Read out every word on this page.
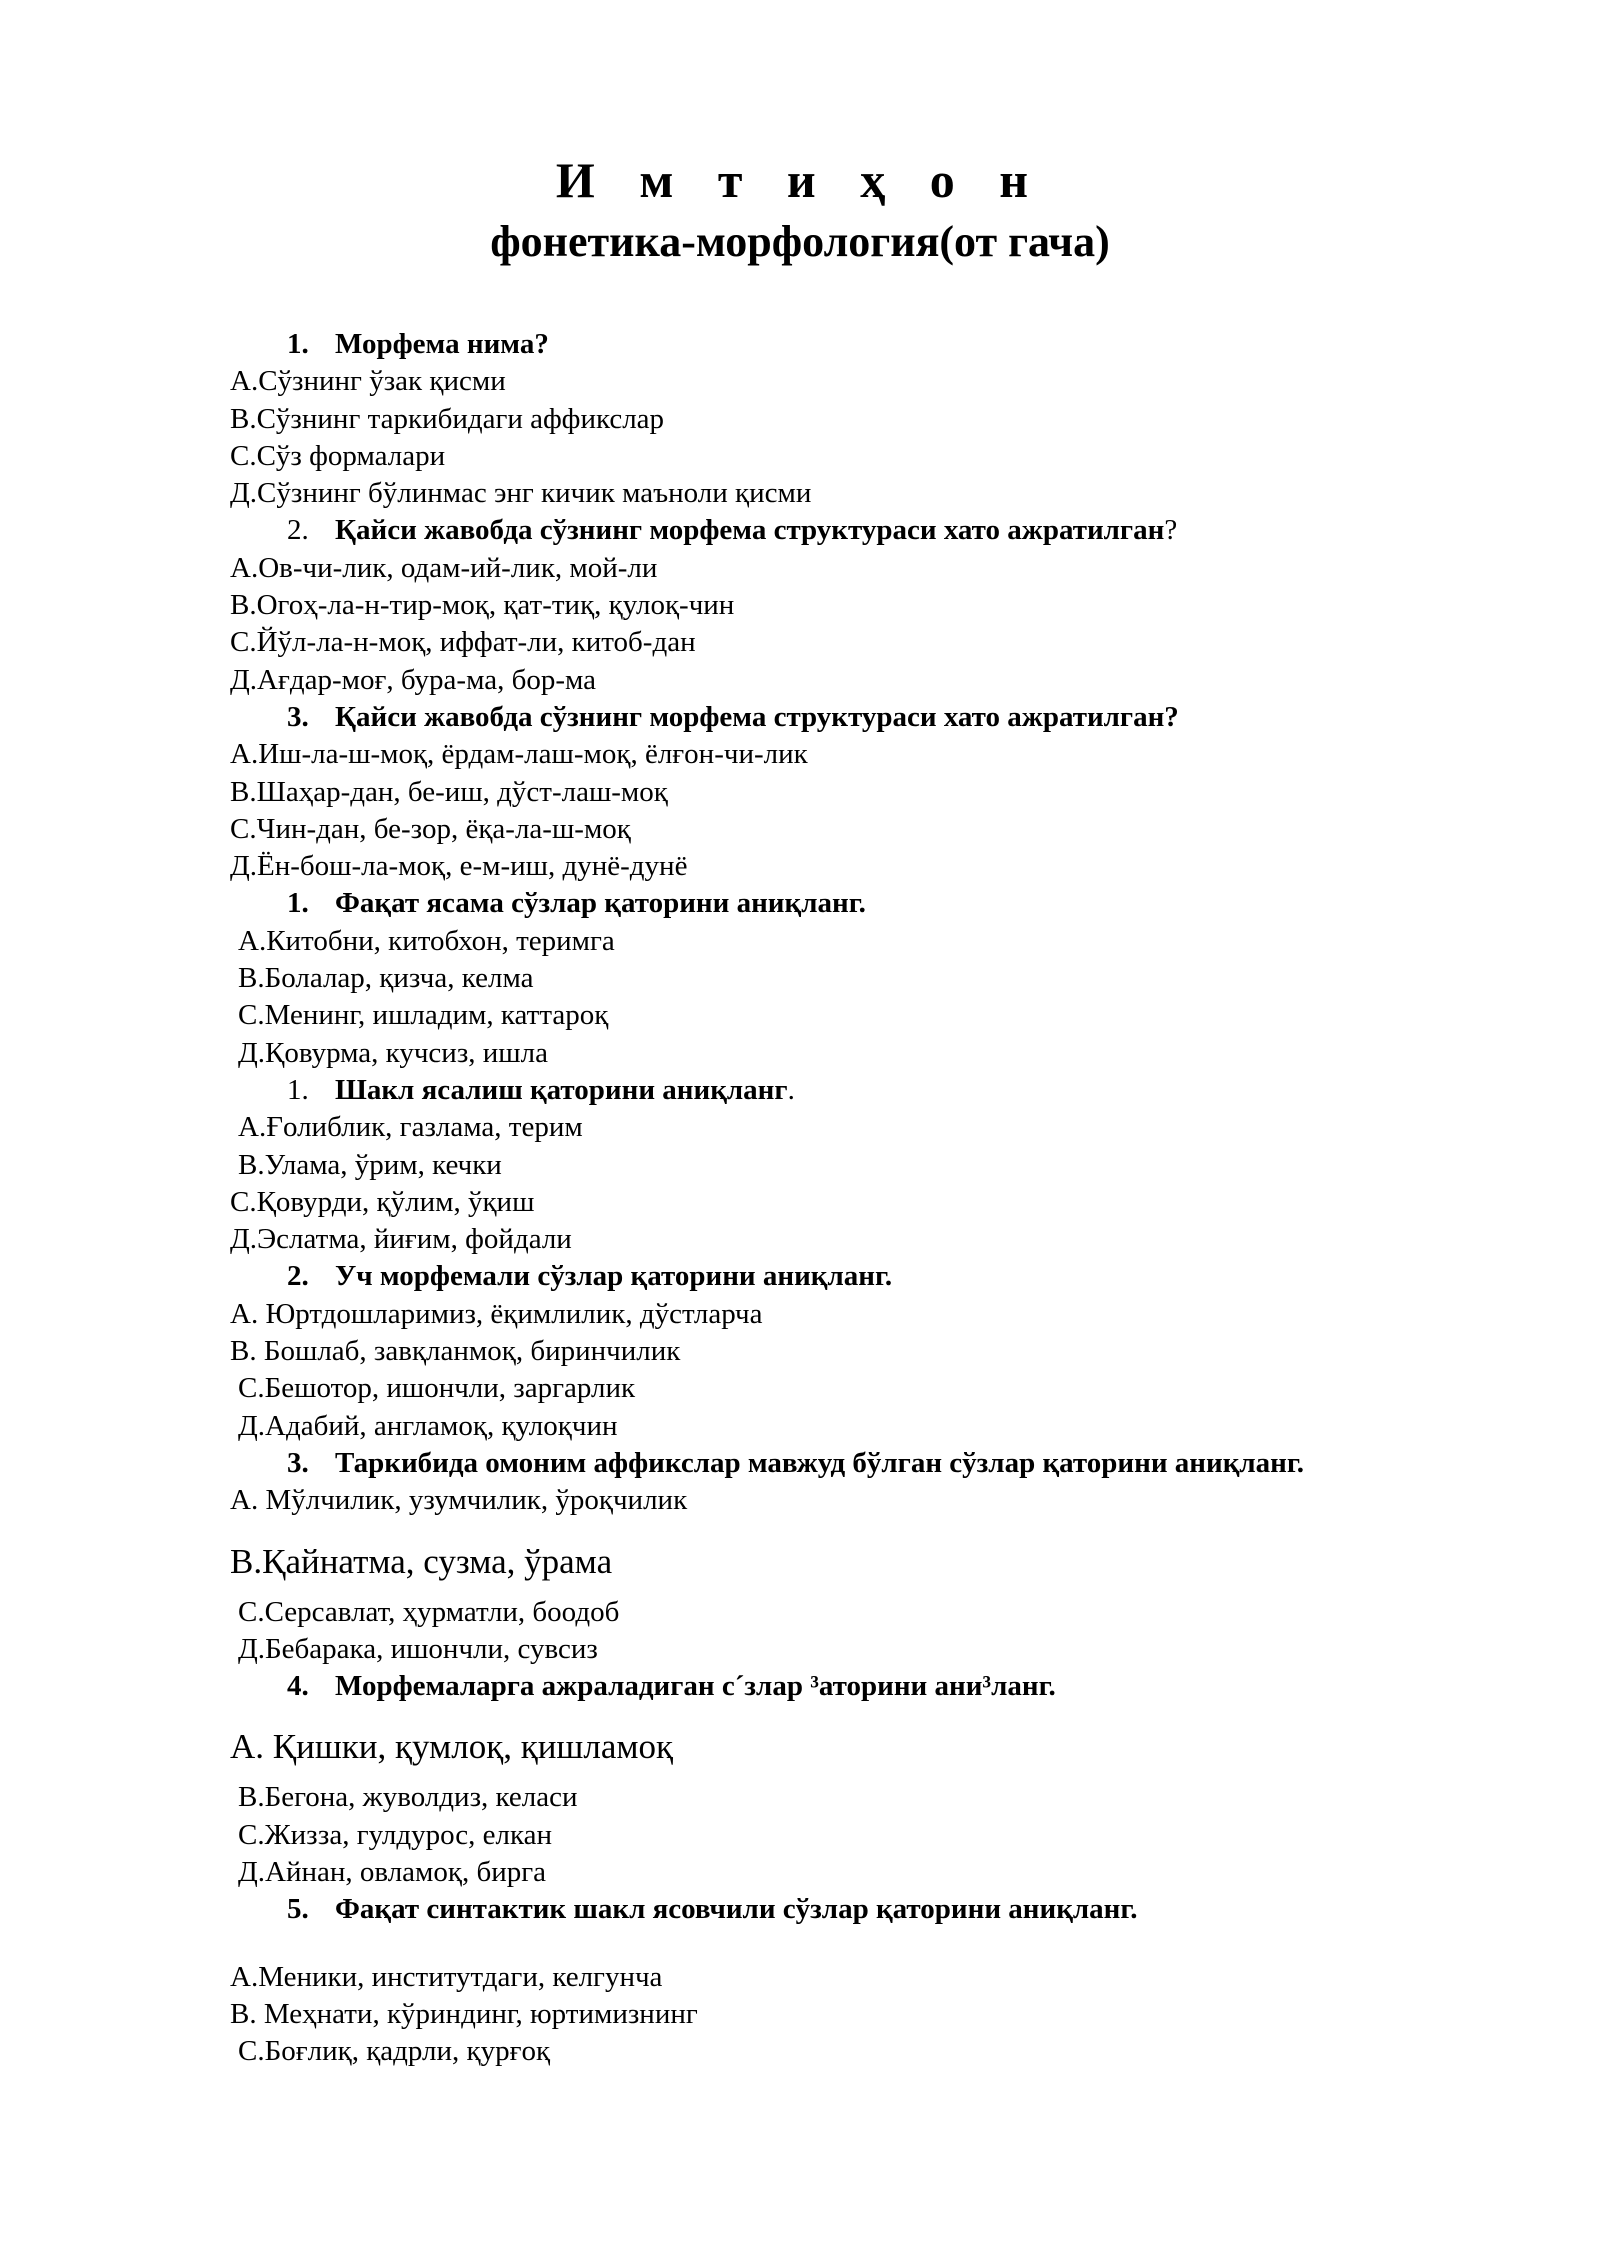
И м т и ҳ о н
фонетика-морфология(от гача)
1. Морфема нима?
А.Сўзнинг ўзак қисми
В.Сўзнинг таркибидаги аффикслар
С.Сўз формалари
Д.Сўзнинг бўлинмас энг кичик маъноли қисми
2. Қайси жавобда сўзнинг морфема структураси хато ажратилган?
А.Ов-чи-лик, одам-ий-лик, мой-ли
В.Огоҳ-ла-н-тир-моқ, қат-тиқ, қулоқ-чин
С.Йўл-ла-н-моқ, иффат-ли, китоб-дан
Д.Ағдар-моғ, бура-ма, бор-ма
3. Қайси жавобда сўзнинг морфема структураси хато ажратилган?
А.Иш-ла-ш-моқ, ёрдам-лаш-моқ, ёлғон-чи-лик
В.Шаҳар-дан, бе-иш, дўст-лаш-моқ
С.Чин-дан, бе-зор, ёқа-ла-ш-моқ
Д.Ён-бош-ла-моқ, е-м-иш, дунё-дунё
1. Фақат ясама сўзлар қаторини аниқланг.
А.Китобни, китобхон, теримга
В.Болалар, қизча, келма
С.Менинг, ишладим, каттароқ
Д.Қовурма, кучсиз, ишла
1. Шакл ясалиш қаторини аниқланг.
А.Ғолиблик, газлама, терим
В.Улама, ўрим, кечки
С.Қовурди, қўлим, ўқиш
Д.Эслатма, йиғим, фойдали
2. Уч морфемали сўзлар қаторини аниқланг.
А. Юртдошларимиз, ёқимлилик, дўстларча
В. Бошлаб, завқланмоқ, биринчилик
С.Бешотор, ишончли, заргарлик
Д.Адабий, англамоқ, қулоқчин
3. Таркибида омоним аффикслар мавжуд бўлган сўзлар қаторини аниқланг.
А. Мўлчилик, узумчилик, ўроқчилик
В.Қайнатма, сузма, ўрама
С.Серсавлат, ҳурматли, боодоб
Д.Бебарака, ишончли, сувсиз
4. Морфемаларга ажраладиган с´злар ³аторини ани³ланг.
А. Қишки, қумлоқ, қишламоқ
В.Бегона, жуволдиз, келаси
С.Жизза, гулдурос, елкан
Д.Айнан, овламоқ, бирга
5. Фақат синтактик шакл ясовчили сўзлар қаторини аниқланг.
А.Меники, институтдаги, келгунча
В. Меҳнати, кўриндинг, юртимизнинг
С.Боғлиқ, қадрли, қурғоқ
